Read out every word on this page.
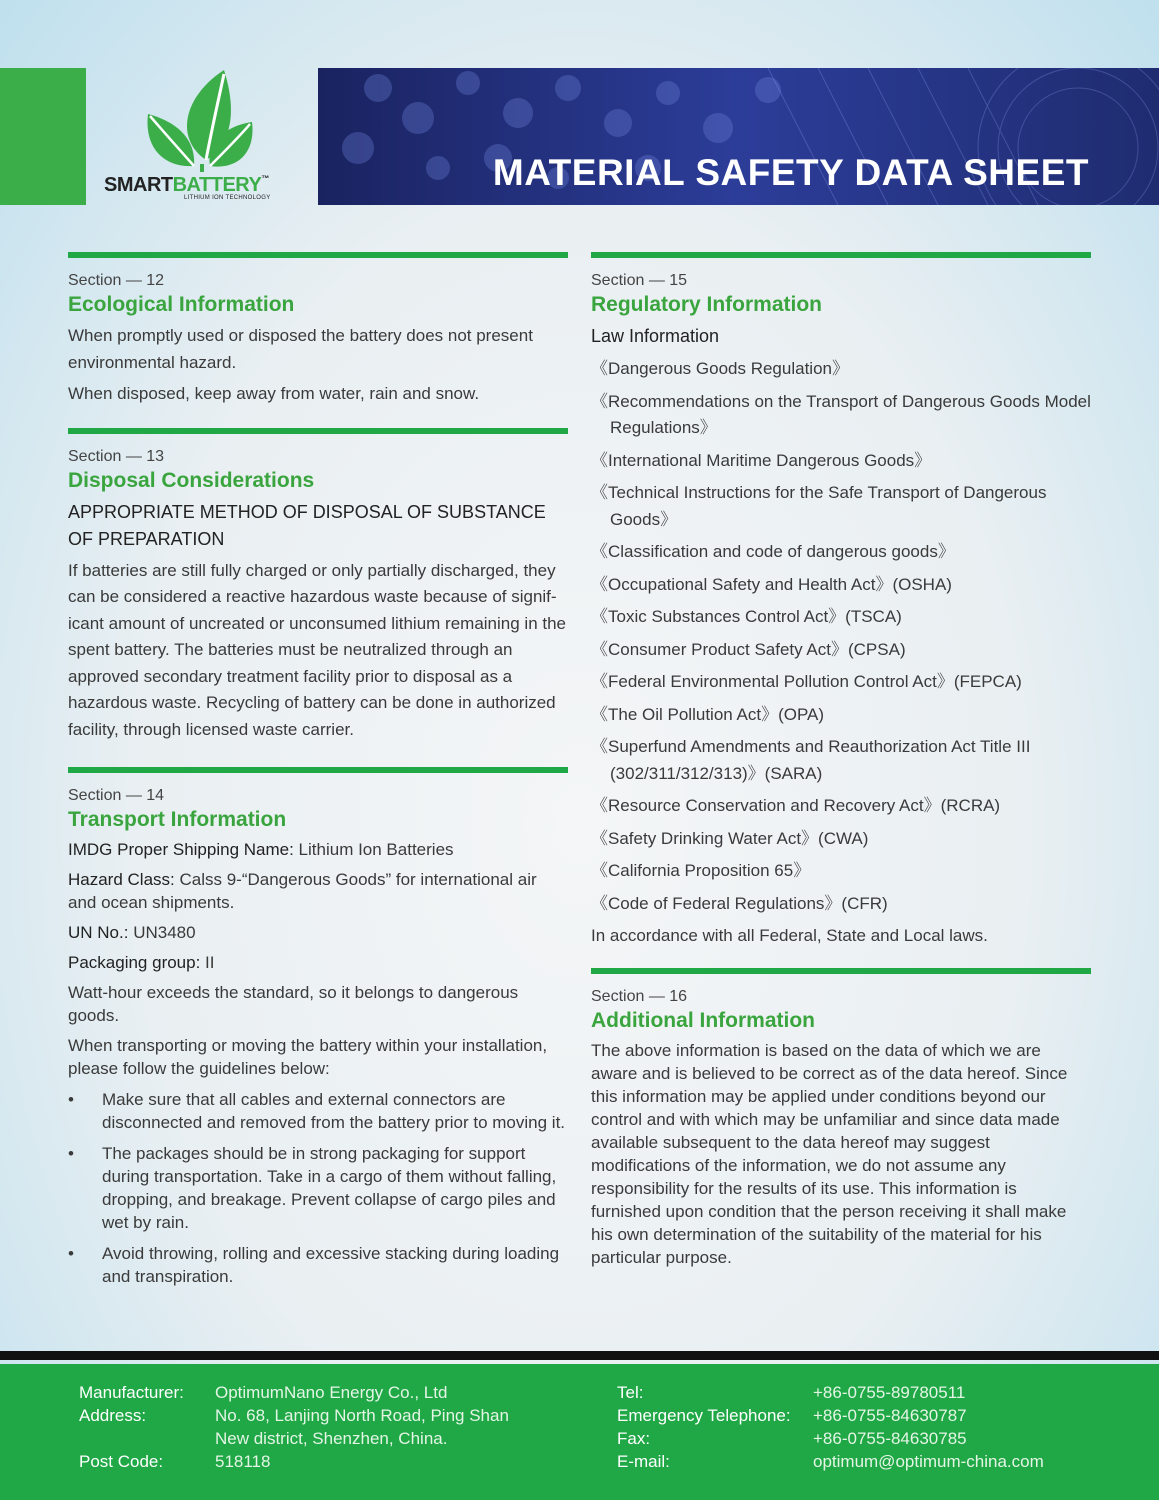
SMARTBATTERY™
LITHIUM ION TECHNOLOGY
MATERIAL SAFETY DATA SHEET

Section — 12

Ecological Information

When promptly used or disposed the battery does not present environmental hazard.

When disposed, keep away from water, rain and snow.

Section — 13

Disposal Considerations

APPROPRIATE METHOD OF DISPOSAL OF SUBSTANCE OF PREPARATION

If batteries are still fully charged or only partially discharged, they can be considered a reactive hazardous waste because of signif-icant amount of uncreated or unconsumed lithium remaining in the spent battery. The batteries must be neutralized through an approved secondary treatment facility prior to disposal as a hazardous waste. Recycling of battery can be done in authorized facility, through licensed waste carrier.

Section — 14

Transport Information

IMDG Proper Shipping Name: Lithium Ion Batteries

Hazard Class: Calss 9-“Dangerous Goods” for international air and ocean shipments.

UN No.: UN3480

Packaging group: II

Watt-hour exceeds the standard, so it belongs to dangerous goods.

When transporting or moving the battery within your installation, please follow the guidelines below:

• Make sure that all cables and external connectors are disconnected and removed from the battery prior to moving it.
• The packages should be in strong packaging for support during transportation. Take in a cargo of them without falling, dropping, and breakage. Prevent collapse of cargo piles and wet by rain.
• Avoid throwing, rolling and excessive stacking during loading and transpiration.

Section — 15

Regulatory Information

Law Information

《Dangerous Goods Regulation》

《Recommendations on the Transport of Dangerous Goods Model Regulations》

《International Maritime Dangerous Goods》

《Technical Instructions for the Safe Transport of Dangerous Goods》

《Classification and code of dangerous goods》

《Occupational Safety and Health Act》(OSHA)

《Toxic Substances Control Act》(TSCA)

《Consumer Product Safety Act》(CPSA)

《Federal Environmental Pollution Control Act》(FEPCA)

《The Oil Pollution Act》(OPA)

《Superfund Amendments and Reauthorization Act Title III (302/311/312/313)》(SARA)

《Resource Conservation and Recovery Act》(RCRA)

《Safety Drinking Water Act》(CWA)

《California Proposition 65》

《Code of Federal Regulations》(CFR)

In accordance with all Federal, State and Local laws.

Section — 16

Additional Information

The above information is based on the data of which we are aware and is believed to be correct as of the data hereof. Since this information may be applied under conditions beyond our control and with which may be unfamiliar and since data made available subsequent to the data hereof may suggest modifications of the information, we do not assume any responsibility for the results of its use. This information is furnished upon condition that the person receiving it shall make his own determination of the suitability of the material for his particular purpose.

Manufacturer: OptimumNano Energy Co., Ltd
Address:	No. 68, Lanjing North Road, Ping Shan
New district, Shenzhen, China.
Post Code:	518118
Tel:	+86-0755-89780511
Emergency Telephone: +86-0755-84630787
Fax:	+86-0755-84630785
E-mail:	optimum@optimum-china.com
